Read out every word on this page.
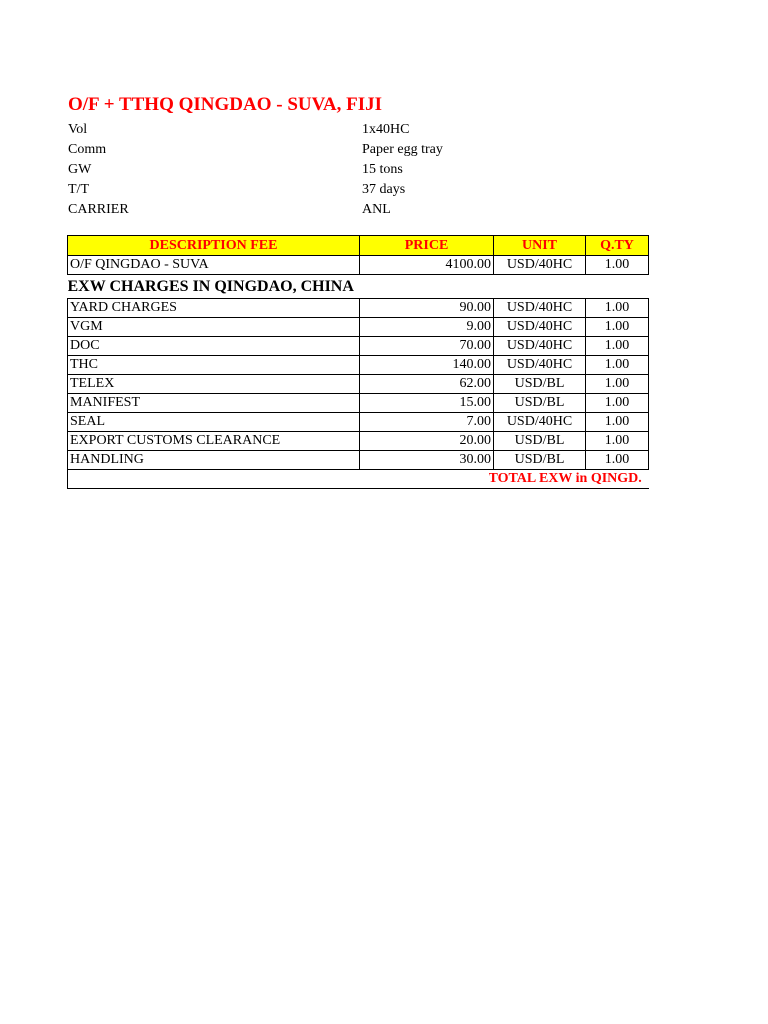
O/F + TTHQ QINGDAO - SUVA, FIJI
Vol	1x40HC
Comm	Paper egg tray
GW	15 tons
T/T	37 days
CARRIER	ANL
DESCRIPTION FEE	PRICE	UNIT	Q.TY
O/F QINGDAO - SUVA	4100.00	USD/40HC	1.00
EXW CHARGES IN QINGDAO, CHINA			
YARD CHARGES	90.00	USD/40HC	1.00
VGM	9.00	USD/40HC	1.00
DOC	70.00	USD/40HC	1.00
THC	140.00	USD/40HC	1.00
TELEX	62.00	USD/BL	1.00
MANIFEST	15.00	USD/BL	1.00
SEAL	7.00	USD/40HC	1.00
EXPORT CUSTOMS CLEARANCE	20.00	USD/BL	1.00
HANDLING	30.00	USD/BL	1.00

TOTAL EXW in QINGD.			
